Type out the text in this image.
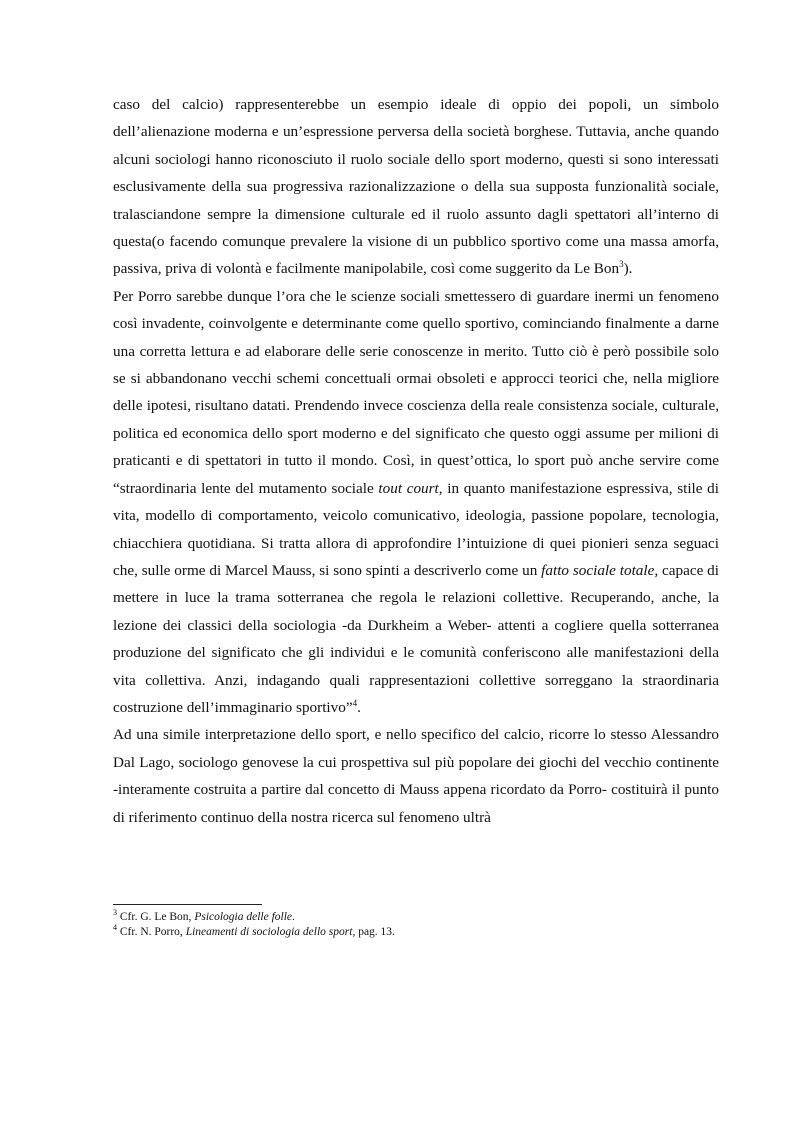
caso del calcio) rappresenterebbe un esempio ideale di oppio dei popoli, un simbolo dell’alienazione moderna e un’espressione perversa della società borghese. Tuttavia, anche quando alcuni sociologi hanno riconosciuto il ruolo sociale dello sport moderno, questi si sono interessati esclusivamente della sua progressiva razionalizzazione o della sua supposta funzionalità sociale, tralasciandone sempre la dimensione culturale ed il ruolo assunto dagli spettatori all’interno di questa(o facendo comunque prevalere la visione di un pubblico sportivo come una massa amorfa, passiva, priva di volontà e facilmente manipolabile, così come suggerito da Le Bon$^3$).

Per Porro sarebbe dunque l’ora che le scienze sociali smettessero di guardare inermi un fenomeno così invadente, coinvolgente e determinante come quello sportivo, cominciando finalmente a darne una corretta lettura e ad elaborare delle serie conoscenze in merito. Tutto ciò è però possibile solo se si abbandonano vecchi schemi concettuali ormai obsoleti e approcci teorici che, nella migliore delle ipotesi, risultano datati. Prendendo invece coscienza della reale consistenza sociale, culturale, politica ed economica dello sport moderno e del significato che questo oggi assume per milioni di praticanti e di spettatori in tutto il mondo. Così, in quest’ottica, lo sport può anche servire come “straordinaria lente del mutamento sociale tout court, in quanto manifestazione espressiva, stile di vita, modello di comportamento, veicolo comunicativo, ideologia, passione popolare, tecnologia, chiacchiera quotidiana. Si tratta allora di approfondire l’intuizione di quei pionieri senza seguaci che, sulle orme di Marcel Mauss, si sono spinti a descriverlo come un fatto sociale totale, capace di mettere in luce la trama sotterranea che regola le relazioni collettive. Recuperando, anche, la lezione dei classici della sociologia -da Durkheim a Weber- attenti a cogliere quella sotterranea produzione del significato che gli individui e le comunità conferiscono alle manifestazioni della vita collettiva. Anzi, indagando quali rappresentazioni collettive sorreggano la straordinaria costruzione dell’immaginario sportivo”$^4$.

Ad una simile interpretazione dello sport, e nello specifico del calcio, ricorre lo stesso Alessandro Dal Lago, sociologo genovese la cui prospettiva sul più popolare dei giochi del vecchio continente -interamente costruita a partire dal concetto di Mauss appena ricordato da Porro- costituirà il punto di riferimento continuo della nostra ricerca sul fenomeno ultrà

$^3$ Cfr. G. Le Bon, Psicologia delle folle.

$^4$ Cfr. N. Porro, Lineamenti di sociologia dello sport, pag. 13.
